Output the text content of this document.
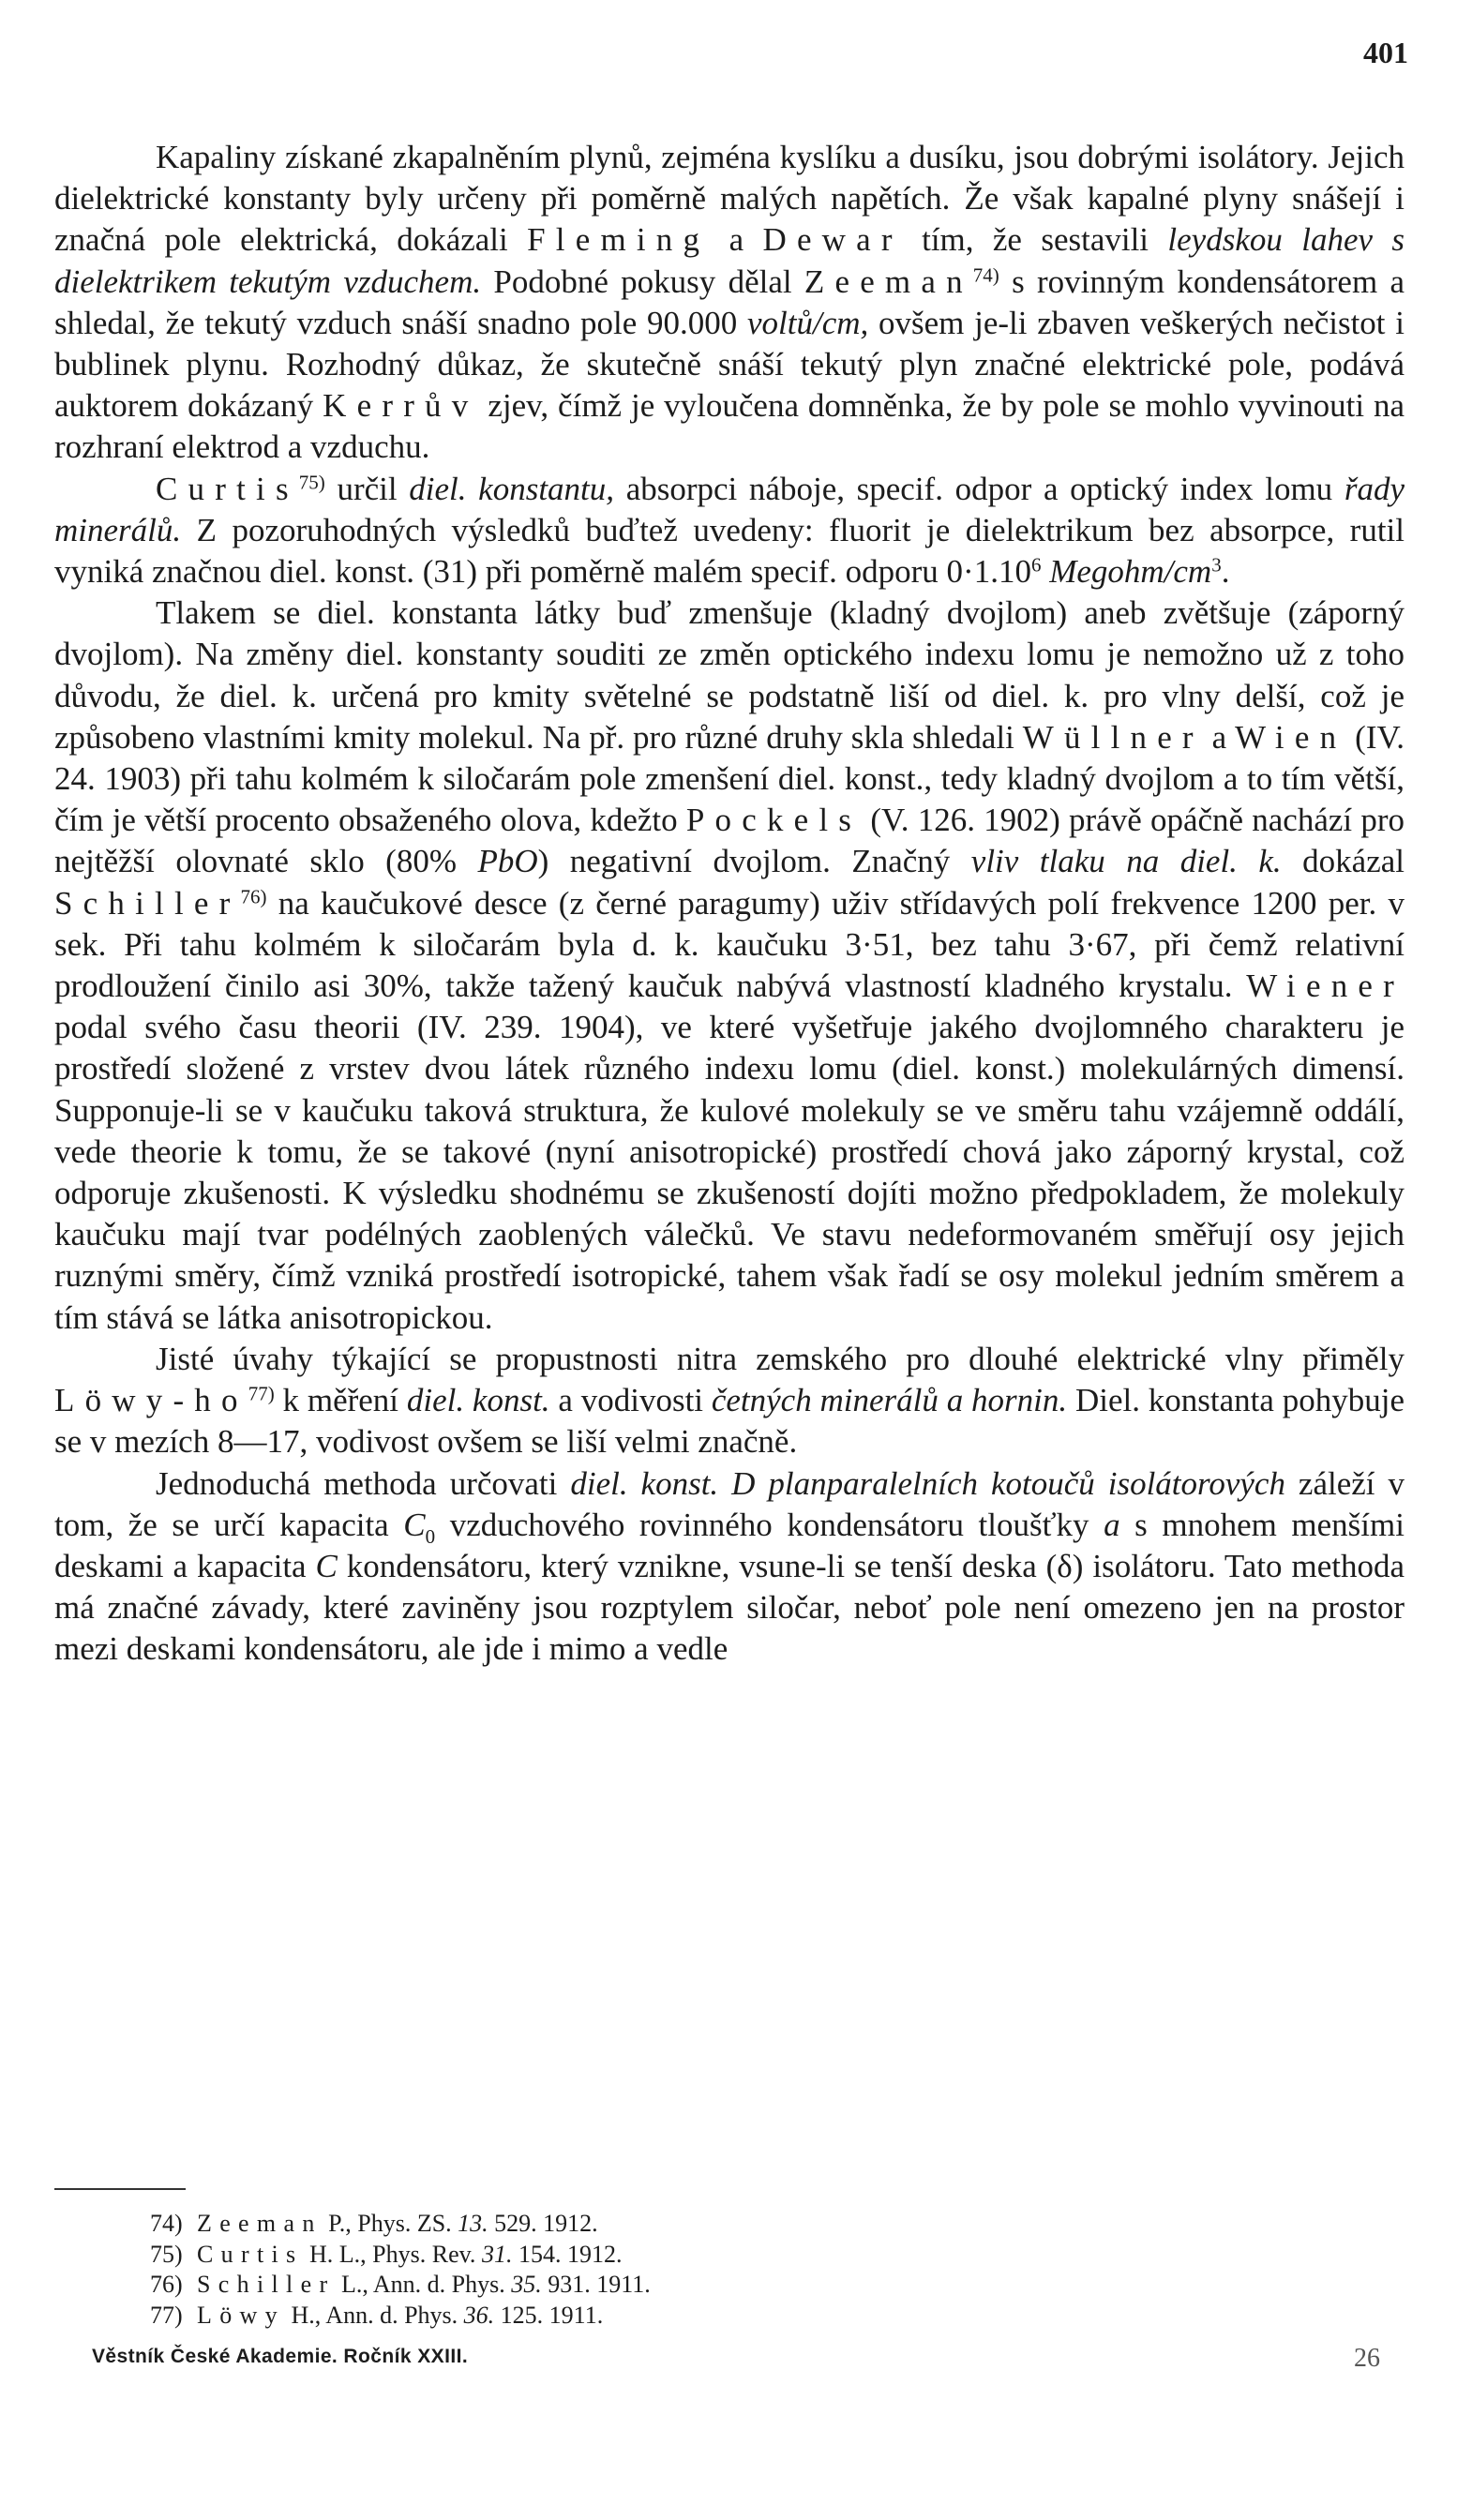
401

Kapaliny získané zkapalněním plynů, zejména kyslíku a dusíku, jsou dobrými isolátory. Jejich dielektrické konstanty byly určeny při poměrně malých napětích. Že však kapalné plyny snášejí i značná pole elektrická, dokázali Fleming a Dewar tím, že sestavili leydskou lahev s dielektrikem tekutým vzduchem. Podobné pokusy dělal Zeeman$^{74)}$ s rovinným kondensátorem a shledal, že tekutý vzduch snáší snadno pole 90.000 voltů/cm, ovšem je-li zbaven veškerých nečistot i bublinek plynu. Rozhodný důkaz, že skutečně snáší tekutý plyn značné elektrické pole, podává auktorem dokázaný Kerrův zjev, čímž je vyloučena domněnka, že by pole se mohlo vyvinouti na rozhraní elektrod a vzduchu.

Curtis$^{75)}$ určil diel. konstantu, absorpci náboje, specif. odpor a optický index lomu řady minerálů. Z pozoruhodných výsledků buďtež uvedeny: fluorit je dielektrikum bez absorpce, rutil vyniká značnou diel. konst. (31) při poměrně malém specif. odporu $0\cdot 1.10^6$ Megohm/$cm^3$.

Tlakem se diel. konstanta látky buď zmenšuje (kladný dvojlom) aneb zvětšuje (záporný dvojlom). Na změny diel. konstanty souditi ze změn optického indexu lomu je nemožno už z toho důvodu, že diel. k. určená pro kmity světelné se podstatně liší od diel. k. pro vlny delší, což je způsobeno vlastními kmity molekul. Na př. pro různé druhy skla shledali Wüllner a Wien (IV. 24. 1903) při tahu kolmém k siločarám pole zmenšení diel. konst., tedy kladný dvojlom a to tím větší, čím je větší procento obsaženého olova, kdežto Pockels (V. 126. 1902) právě opáčně nachází pro nejtěžší olovnaté sklo (80% PbO) negativní dvojlom. Značný vliv tlaku na diel. k. dokázal Schiller$^{76)}$ na kaučukové desce (z černé paragumy) uživ střídavých polí frekvence 1200 per. v sek. Při tahu kolmém k siločarám byla d. k. kaučuku 3·51, bez tahu 3·67, při čemž relativní prodloužení činilo asi 30%, takže tažený kaučuk nabývá vlastností kladného krystalu. Wiener podal svého času theorii (IV. 239. 1904), ve které vyšetřuje jakého dvojlomného charakteru je prostředí složené z vrstev dvou látek různého indexu lomu (diel. konst.) molekulárných dimensí. Supponuje-li se v kaučuku taková struktura, že kulové molekuly se ve směru tahu vzájemně oddálí, vede theorie k tomu, že se takové (nyní anisotropické) prostředí chová jako záporný krystal, což odporuje zkušenosti. K výsledku shodnému se zkušeností dojíti možno předpokladem, že molekuly kaučuku mají tvar podélných zaoblených válečků. Ve stavu nedeformovaném směřují osy jejich ruznými směry, čímž vzniká prostředí isotropické, tahem však řadí se osy molekul jedním směrem a tím stává se látka anisotropickou.

Jisté úvahy týkající se propustnosti nitra zemského pro dlouhé elektrické vlny přiměly Löwy-$ho^{77)}$ k měření diel. konst. a vodivosti četných minerálů a hornin. Diel. konstanta pohybuje se v mezích 8—17, vodivost ovšem se liší velmi značně.

Jednoduchá methoda určovati diel. konst. D planparalelních kotoučů isolátorových záleží v tom, že se určí kapacita $C_0$ vzduchového rovinného kondensátoru tloušťky a s mnohem menšími deskami a kapacita C kondensátoru, který vznikne, vsune-li se tenší deska (δ) isolátoru. Tato methoda má značné závady, které zaviněny jsou rozptylem siločar, neboť pole není omezeno jen na prostor mezi deskami kondensátoru, ale jde i mimo a vedle

74) Zeeman P., Phys. ZS. 13. 529. 1912.
75) Curtis H. L., Phys. Rev. 31. 154. 1912.
76) Schiller L., Ann. d. Phys. 35. 931. 1911.
77) Löwy H., Ann. d. Phys. 36. 125. 1911.
Věstník České Akademie. Ročník XXIII.	26
